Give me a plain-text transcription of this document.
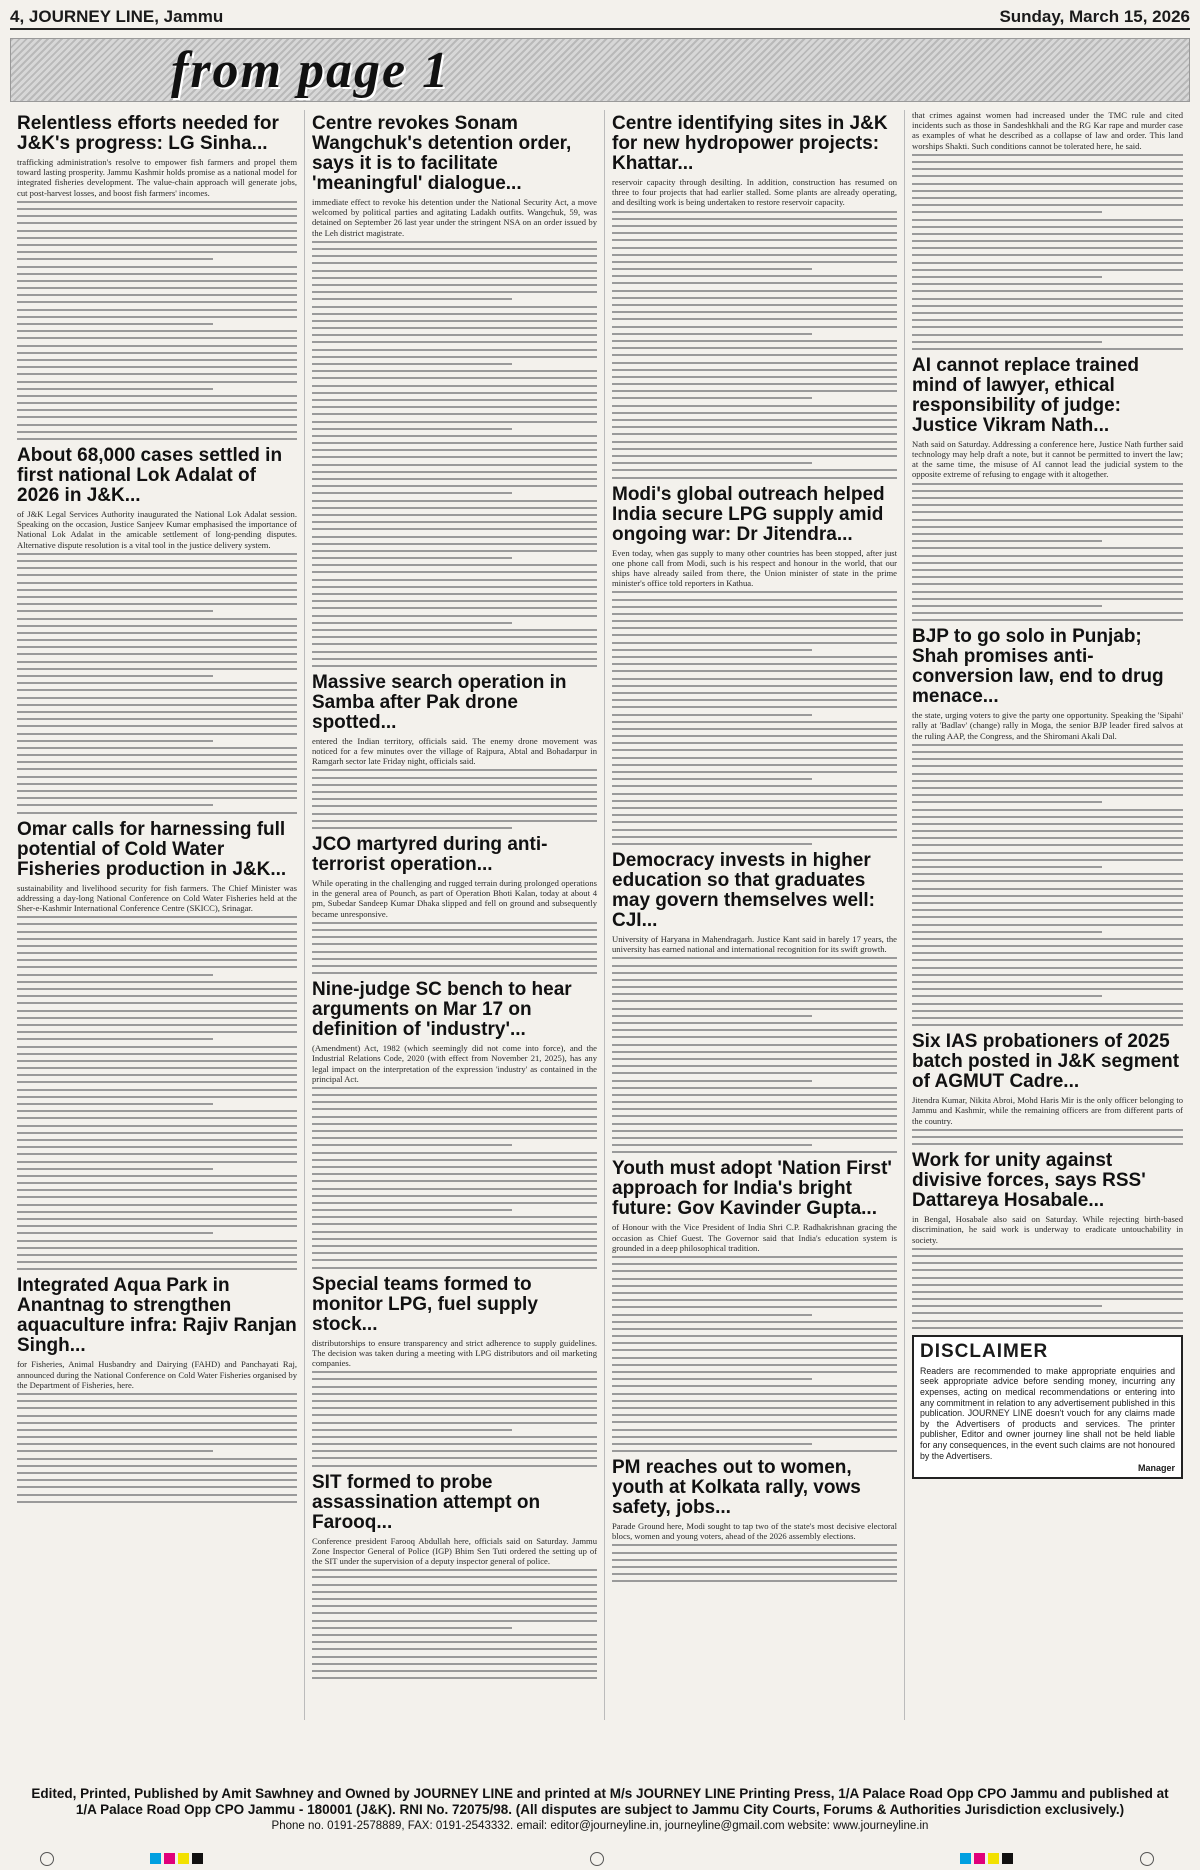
4, JOURNEY LINE, Jammu	Sunday, March 15, 2026
from page 1
Relentless efforts needed for J&K's progress: LG Sinha...

trafficking administration's resolve to empower fish farmers and propel them toward lasting prosperity. Jammu Kashmir holds promise as a national model for integrated fisheries development. The value-chain approach will generate jobs, cut post-harvest losses, and boost fish farmers' incomes.

About 68,000 cases settled in first national Lok Adalat of 2026 in J&K...

of J&K Legal Services Authority inaugurated the National Lok Adalat session. Speaking on the occasion, Justice Sanjeev Kumar emphasised the importance of National Lok Adalat in the amicable settlement of long-pending disputes. Alternative dispute resolution is a vital tool in the justice delivery system.

Omar calls for harnessing full potential of Cold Water Fisheries production in J&K...

sustainability and livelihood security for fish farmers. The Chief Minister was addressing a day-long National Conference on Cold Water Fisheries held at the Sher-e-Kashmir International Conference Centre (SKICC), Srinagar.

Integrated Aqua Park in Anantnag to strengthen aquaculture infra: Rajiv Ranjan Singh...

for Fisheries, Animal Husbandry and Dairying (FAHD) and Panchayati Raj, announced during the National Conference on Cold Water Fisheries organised by the Department of Fisheries, here.

Centre revokes Sonam Wangchuk's detention order, says it is to facilitate 'meaningful' dialogue...

immediate effect to revoke his detention under the National Security Act, a move welcomed by political parties and agitating Ladakh outfits. Wangchuk, 59, was detained on September 26 last year under the stringent NSA on an order issued by the Leh district magistrate.

Massive search operation in Samba after Pak drone spotted...

entered the Indian territory, officials said. The enemy drone movement was noticed for a few minutes over the village of Rajpura, Abtal and Bohadarpur in Ramgarh sector late Friday night, officials said.

JCO martyred during anti-terrorist operation...

While operating in the challenging and rugged terrain during prolonged operations in the general area of Pounch, as part of Operation Bhoti Kalan, today at about 4 pm, Subedar Sandeep Kumar Dhaka slipped and fell on ground and subsequently became unresponsive.

Nine-judge SC bench to hear arguments on Mar 17 on definition of 'industry'...

(Amendment) Act, 1982 (which seemingly did not come into force), and the Industrial Relations Code, 2020 (with effect from November 21, 2025), has any legal impact on the interpretation of the expression 'industry' as contained in the principal Act.

Special teams formed to monitor LPG, fuel supply stock...

distributorships to ensure transparency and strict adherence to supply guidelines. The decision was taken during a meeting with LPG distributors and oil marketing companies.

SIT formed to probe assassination attempt on Farooq...

Conference president Farooq Abdullah here, officials said on Saturday. Jammu Zone Inspector General of Police (IGP) Bhim Sen Tuti ordered the setting up of the SIT under the supervision of a deputy inspector general of police.

Centre identifying sites in J&K for new hydropower projects: Khattar...

reservoir capacity through desilting. In addition, construction has resumed on three to four projects that had earlier stalled. Some plants are already operating, and desilting work is being undertaken to restore reservoir capacity.

Modi's global outreach helped India secure LPG supply amid ongoing war: Dr Jitendra...

Even today, when gas supply to many other countries has been stopped, after just one phone call from Modi, such is his respect and honour in the world, that our ships have already sailed from there, the Union minister of state in the prime minister's office told reporters in Kathua.

Democracy invests in higher education so that graduates may govern themselves well: CJI...

University of Haryana in Mahendragarh. Justice Kant said in barely 17 years, the university has earned national and international recognition for its swift growth.

Youth must adopt 'Nation First' approach for India's bright future: Gov Kavinder Gupta...

of Honour with the Vice President of India Shri C.P. Radhakrishnan gracing the occasion as Chief Guest. The Governor said that India's education system is grounded in a deep philosophical tradition.

PM reaches out to women, youth at Kolkata rally, vows safety, jobs...

Parade Ground here, Modi sought to tap two of the state's most decisive electoral blocs, women and young voters, ahead of the 2026 assembly elections.

that crimes against women had increased under the TMC rule and cited incidents such as those in Sandeshkhali and the RG Kar rape and murder case as examples of what he described as a collapse of law and order. This land worships Shakti. Such conditions cannot be tolerated here, he said.

AI cannot replace trained mind of lawyer, ethical responsibility of judge: Justice Vikram Nath...

Nath said on Saturday. Addressing a conference here, Justice Nath further said technology may help draft a note, but it cannot be permitted to invert the law; at the same time, the misuse of AI cannot lead the judicial system to the opposite extreme of refusing to engage with it altogether.

BJP to go solo in Punjab; Shah promises anti-conversion law, end to drug menace...

the state, urging voters to give the party one opportunity. Speaking the 'Sipahi' rally at 'Badlav' (change) rally in Moga, the senior BJP leader fired salvos at the ruling AAP, the Congress, and the Shiromani Akali Dal.

Six IAS probationers of 2025 batch posted in J&K segment of AGMUT Cadre...

Jitendra Kumar, Nikita Abroi, Mohd Haris Mir is the only officer belonging to Jammu and Kashmir, while the remaining officers are from different parts of the country.

Work for unity against divisive forces, says RSS' Dattareya Hosabale...

in Bengal, Hosabale also said on Saturday. While rejecting birth-based discrimination, he said work is underway to eradicate untouchability in society.

DISCLAIMER

Readers are recommended to make appropriate enquiries and seek appropriate advice before sending money, incurring any expenses, acting on medical recommendations or entering into any commitment in relation to any advertisement published in this publication. JOURNEY LINE doesn't vouch for any claims made by the Advertisers of products and services. The printer publisher, Editor and owner journey line shall not be held liable for any consequences, in the event such claims are not honoured by the Advertisers.

Manager
Edited, Printed, Published by Amit Sawhney and Owned by JOURNEY LINE and printed at M/s JOURNEY LINE Printing Press, 1/A Palace Road Opp CPO Jammu and published at 1/A Palace Road Opp CPO Jammu - 180001 (J&K). RNI No. 72075/98. (All disputes are subject to Jammu City Courts, Forums & Authorities Jurisdiction exclusively.)
Phone no. 0191-2578889, FAX: 0191-2543332. email: editor@journeyline.in, journeyline@gmail.com website: www.journeyline.in
